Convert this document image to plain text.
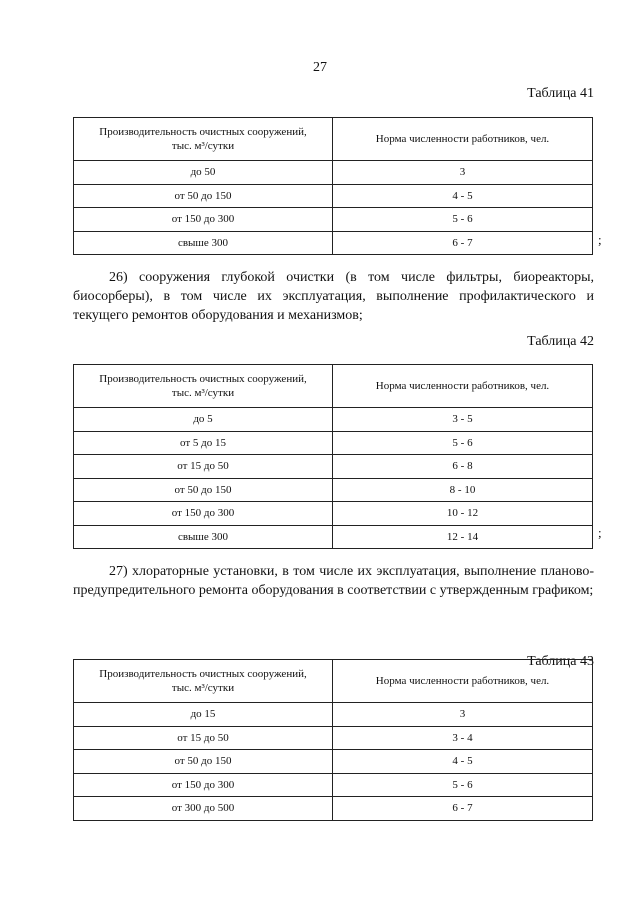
27
Таблица 41
Производительность очистных сооружений,
тыс. м³/сутки	Норма численности работников, чел.
до 50	3
от 50 до 150	4 - 5
от 150 до 300	5 - 6
свыше 300	6 - 7	;
26) сооружения глубокой очистки (в том числе фильтры, биореакторы, биосорберы), в том числе их эксплуатация, выполнение профилактического и текущего ремонтов оборудования и механизмов;
Таблица 42
Производительность очистных сооружений,
тыс. м³/сутки	Норма численности работников, чел.
до 5	3 - 5
от 5 до 15	5 - 6
от 15 до 50	6 - 8
от 50 до 150	8 - 10
от 150 до 300	10 - 12
свыше 300	12 - 14	;
27) хлораторные установки, в том числе их эксплуатация, выполнение планово-предупредительного ремонта оборудования в соответствии с утвержденным графиком;
Таблица 43
Производительность очистных сооружений,
тыс. м³/сутки	Норма численности работников, чел.
до 15	3
от 15 до 50	3 - 4
от 50 до 150	4 - 5
от 150 до 300	5 - 6
от 300 до 500	6 - 7
